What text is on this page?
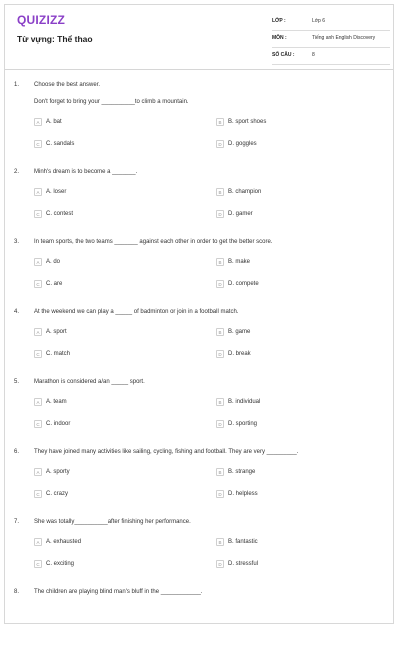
QUIZIZZ
Từ vựng: Thể thao
LỚP :	Lớp 6
MÔN :	Tiếng anh English Discovery
SỐ CÂU :	8
1. Choose the best answer.
Don't forget to bring your __________to climb a mountain.
A	A. bat	B	B. sport shoes
C	C. sandals	D	D. goggles
2. Minh's dream is to become a _______.
A	A. loser	B	B. champion
C	C. contest	D	D. gamer
3. In team sports, the two teams _______ against each other in order to get the better score.
A	A. do	B	B. make
C	C. are	D	D. compete
4. At the weekend we can play a _____ of badminton or join in a football match.
A	A. sport	B	B. game
C	C. match	D	D. break
5. Marathon is considered a/an _____ sport.
A	A. team	B	B. individual
C	C. indoor	D	D. sporting
6. They have joined many activities like sailing, cycling, fishing and football. They are very _________.
A	A. sporty	B	B. strange
C	C. crazy	D	D. helpless
7. She was totally__________after finishing her performance.
A	A. exhausted	B	B. fantastic
C	C. exciting	D	D. stressful
8. The children are playing blind man's bluff in the ____________.
